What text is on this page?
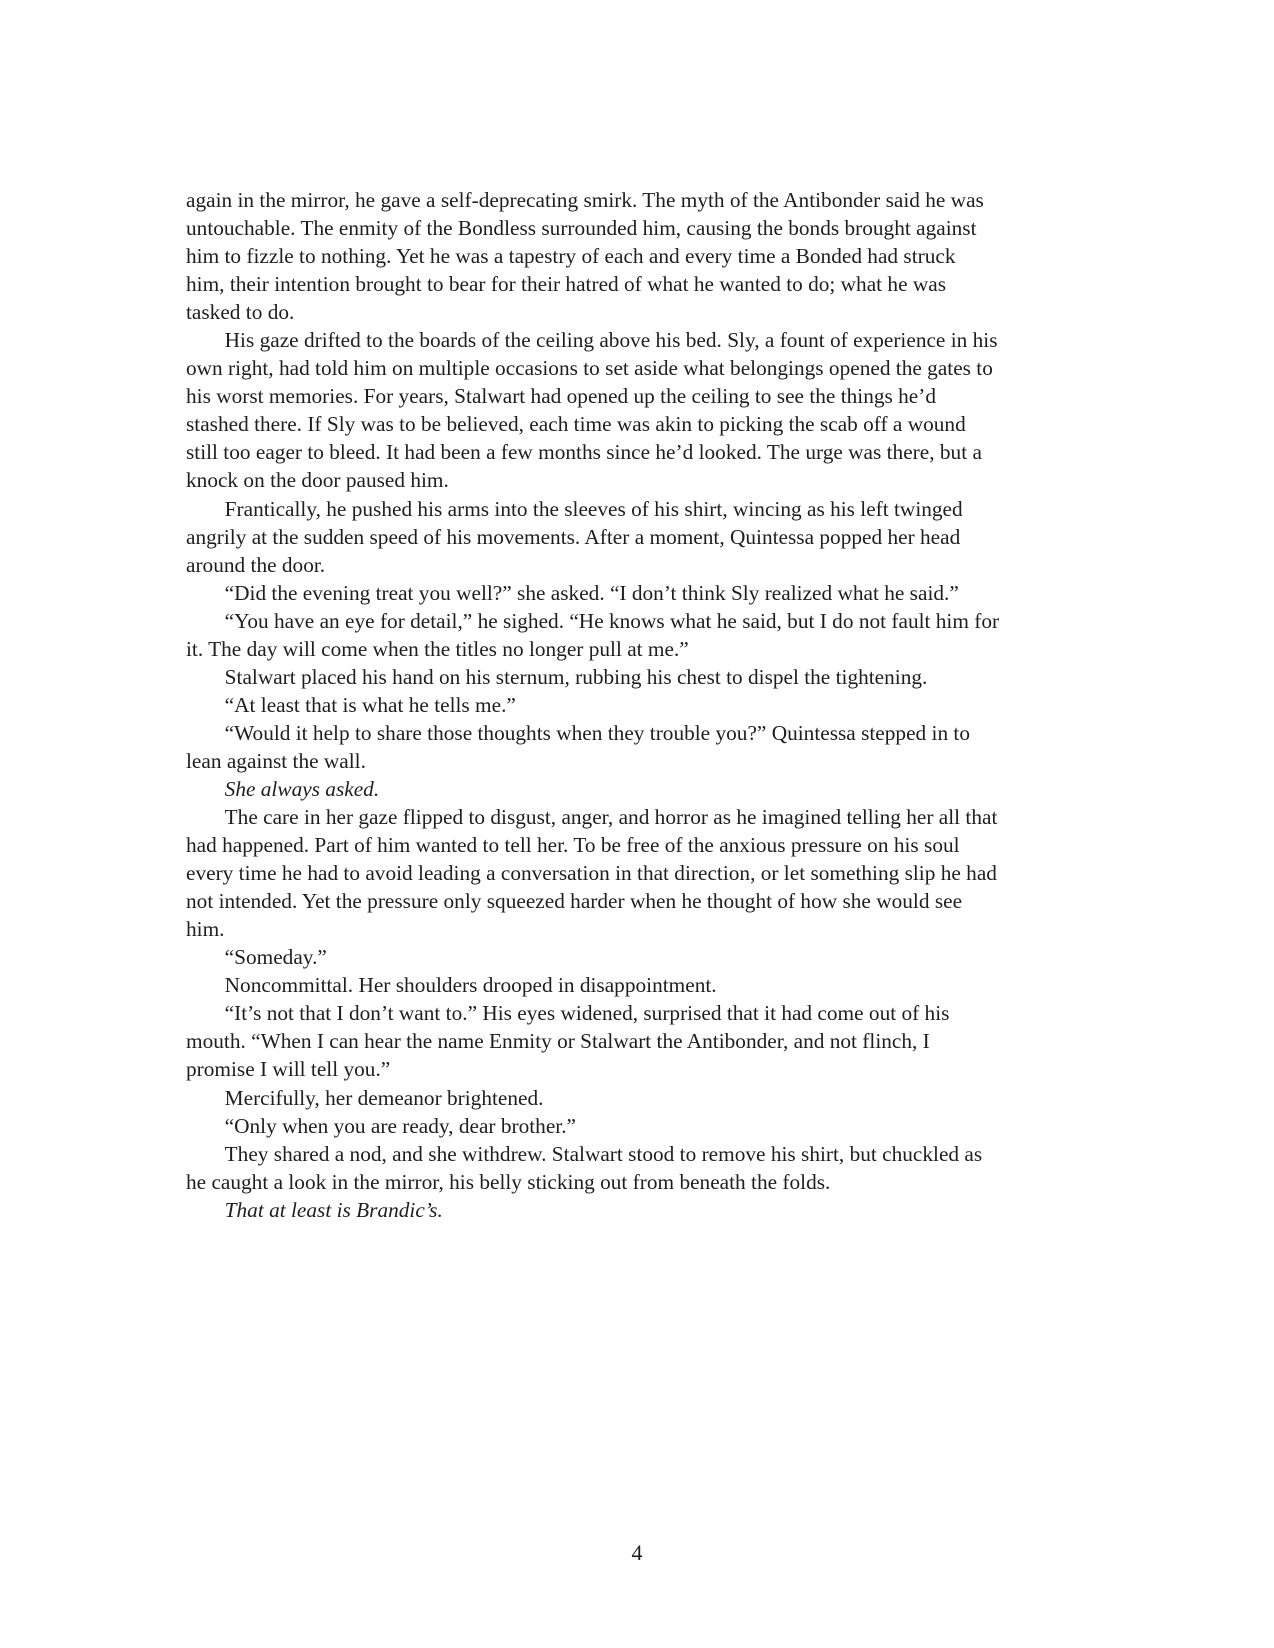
again in the mirror, he gave a self-deprecating smirk. The myth of the Antibonder said he was
untouchable. The enmity of the Bondless surrounded him, causing the bonds brought against
him to fizzle to nothing. Yet he was a tapestry of each and every time a Bonded had struck
him, their intention brought to bear for their hatred of what he wanted to do; what he was
tasked to do.
His gaze drifted to the boards of the ceiling above his bed. Sly, a fount of experience in his
own right, had told him on multiple occasions to set aside what belongings opened the gates to
his worst memories. For years, Stalwart had opened up the ceiling to see the things he’d
stashed there. If Sly was to be believed, each time was akin to picking the scab off a wound
still too eager to bleed. It had been a few months since he’d looked. The urge was there, but a
knock on the door paused him.
Frantically, he pushed his arms into the sleeves of his shirt, wincing as his left twinged
angrily at the sudden speed of his movements. After a moment, Quintessa popped her head
around the door.
“Did the evening treat you well?” she asked. “I don’t think Sly realized what he said.”
“You have an eye for detail,” he sighed. “He knows what he said, but I do not fault him for
it. The day will come when the titles no longer pull at me.”
Stalwart placed his hand on his sternum, rubbing his chest to dispel the tightening.
“At least that is what he tells me.”
“Would it help to share those thoughts when they trouble you?” Quintessa stepped in to
lean against the wall.
She always asked.
The care in her gaze flipped to disgust, anger, and horror as he imagined telling her all that
had happened. Part of him wanted to tell her. To be free of the anxious pressure on his soul
every time he had to avoid leading a conversation in that direction, or let something slip he had
not intended. Yet the pressure only squeezed harder when he thought of how she would see
him.
“Someday.”
Noncommittal. Her shoulders drooped in disappointment.
“It’s not that I don’t want to.” His eyes widened, surprised that it had come out of his
mouth. “When I can hear the name Enmity or Stalwart the Antibonder, and not flinch, I
promise I will tell you.”
Mercifully, her demeanor brightened.
“Only when you are ready, dear brother.”
They shared a nod, and she withdrew. Stalwart stood to remove his shirt, but chuckled as
he caught a look in the mirror, his belly sticking out from beneath the folds.
That at least is Brandic’s.
4
